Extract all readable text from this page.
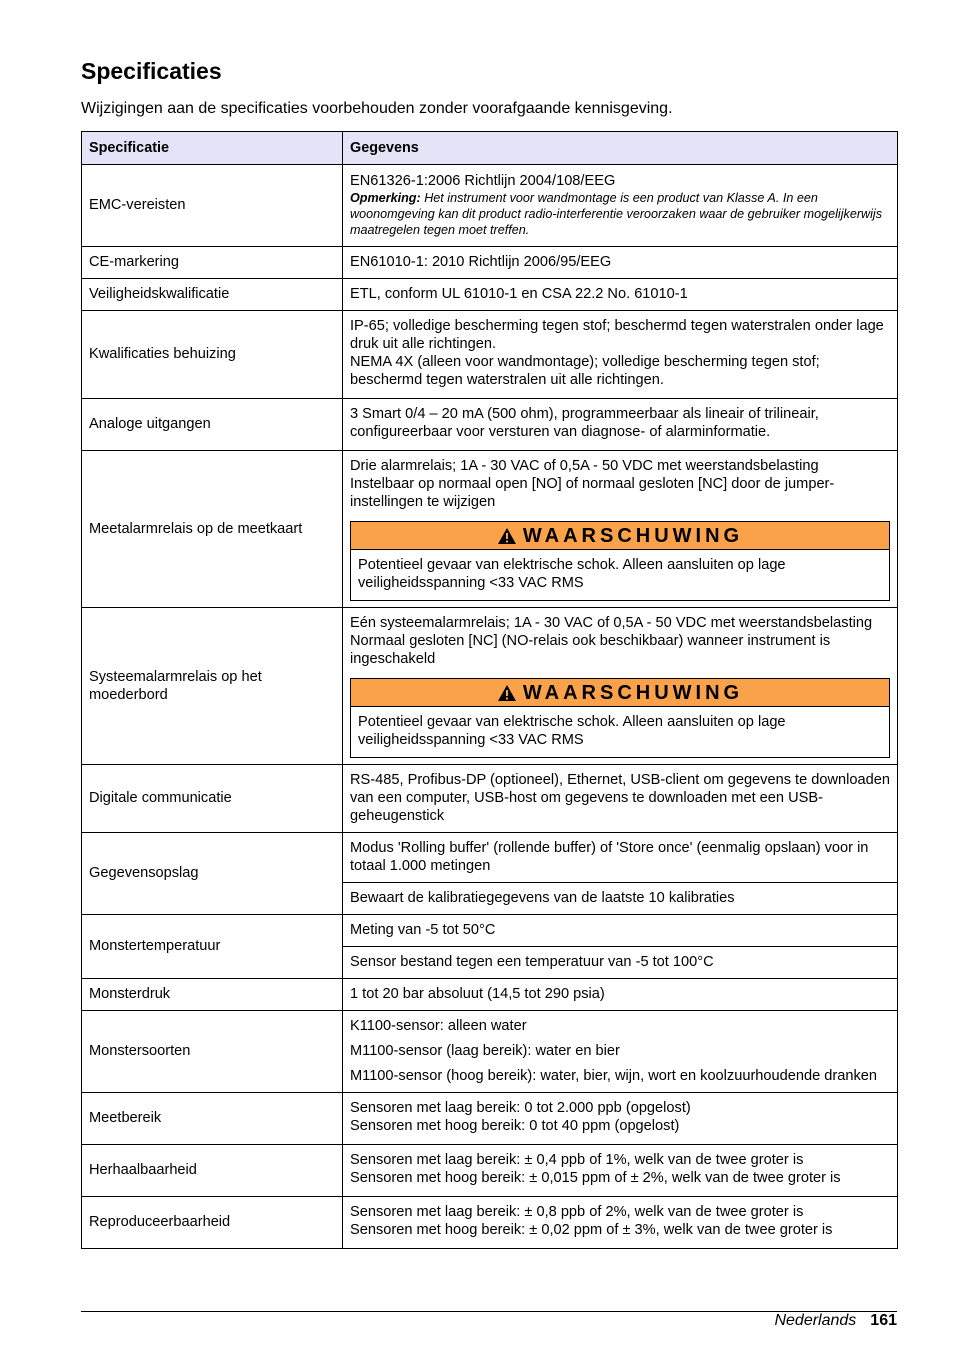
Specificaties

Wijzigingen aan de specificaties voorbehouden zonder voorafgaande kennisgeving.

Specificatie	Gegevens
EMC-vereisten	EN61326-1:2006 Richtlijn 2004/108/EEG
Opmerking: Het instrument voor wandmontage is een product van Klasse A. In een woonomgeving kan dit product radio-interferentie veroorzaken waar de gebruiker mogelijkerwijs maatregelen tegen moet treffen.

CE-markering	EN61010-1: 2010 Richtlijn 2006/95/EEG
Veiligheidskwalificatie	ETL, conform UL 61010-1 en CSA 22.2 No. 61010-1
Kwalificaties behuizing	IP-65; volledige bescherming tegen stof; beschermd tegen waterstralen onder lage druk uit alle richtingen.
NEMA 4X (alleen voor wandmontage); volledige bescherming tegen stof; beschermd tegen waterstralen uit alle richtingen.

Analoge uitgangen	3 Smart 0/4 – 20 mA (500 ohm), programmeerbaar als lineair of trilineair, configureerbaar voor versturen van diagnose- of alarminformatie.
Meetalarmrelais op de meetkaart	Drie alarmrelais; 1A - 30 VAC of 0,5A - 50 VDC met weerstandsbelasting
Instelbaar op normaal open [NO] of normaal gesloten [NC] door de jumper-instellingen te wijzigen
WAARSCHUWING
Potentieel gevaar van elektrische schok. Alleen aansluiten op lage veiligheidsspanning <33 VAC RMS

Systeemalarmrelais op het moederbord	Eén systeemalarmrelais; 1A - 30 VAC of 0,5A - 50 VDC met weerstandsbelasting
Normaal gesloten [NC] (NO-relais ook beschikbaar) wanneer instrument is ingeschakeld
WAARSCHUWING
Potentieel gevaar van elektrische schok. Alleen aansluiten op lage veiligheidsspanning <33 VAC RMS

Digitale communicatie	RS-485, Profibus-DP (optioneel), Ethernet, USB-client om gegevens te downloaden van een computer, USB-host om gegevens te downloaden met een USB-geheugenstick
Gegevensopslag	Modus 'Rolling buffer' (rollende buffer) of 'Store once' (eenmalig opslaan) voor in totaal 1.000 metingen
	Bewaart de kalibratiegegevens van de laatste 10 kalibraties
Monstertemperatuur	Meting van -5 tot 50°C
	Sensor bestand tegen een temperatuur van -5 tot 100°C
Monsterdruk	1 tot 20 bar absoluut (14,5 tot 290 psia)
Monstersoorten	K1100-sensor: alleen water
M1100-sensor (laag bereik): water en bier
M1100-sensor (hoog bereik): water, bier, wijn, wort en koolzuurhoudende dranken

Meetbereik	Sensoren met laag bereik: 0 tot 2.000 ppb (opgelost)
Sensoren met hoog bereik: 0 tot 40 ppm (opgelost)

Herhaalbaarheid	Sensoren met laag bereik: ± 0,4 ppb of 1%, welk van de twee groter is
Sensoren met hoog bereik: ± 0,015 ppm of ± 2%, welk van de twee groter is

Reproduceerbaarheid	Sensoren met laag bereik: ± 0,8 ppb of 2%, welk van de twee groter is
Sensoren met hoog bereik: ± 0,02 ppm of ± 3%, welk van de twee groter is
Nederlands 161
